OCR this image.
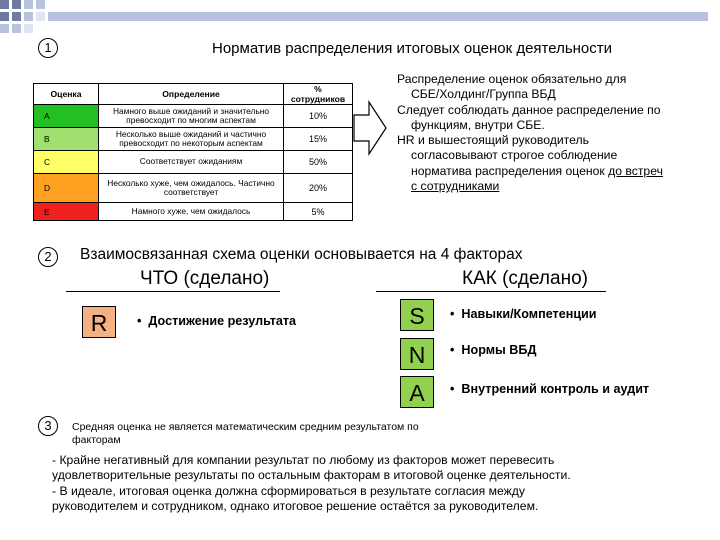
1	Норматив распределения итоговых оценок деятельности
Оценка	Определение	% сотрудников
A	Намного выше ожиданий и значительно превосходит по многим аспектам	10%
B	Несколько выше ожиданий и частично превосходит по некоторым аспектам	15%
C	Соответствует ожиданиям	50%
D	Несколько хуже, чем ожидалось. Частично соответствует	20%
E	Намного хуже, чем ожидалось	5%
Распределение оценок обязательно для
СБЕ/Холдинг/Группа ВБД
Следует соблюдать данное распределение по
функциям, внутри СБЕ.
HR и вышестоящий руководитель
согласовывают строгое соблюдение
норматива распределения оценок до встреч
с сотрудниками
2	Взаимосвязанная схема оценки основывается на 4 факторах
ЧТО (сделано)	КАК (сделано)
R	•  Достижение результата	S	•  Навыки/Компетенции
N	•  Нормы ВБД
A	•  Внутренний контроль и аудит
3	Средняя оценка не является математическим средним результатом по
факторам
- Крайне негативный для компании результат по любому из факторов может перевесить
удовлетворительные результаты по остальным факторам в итоговой оценке деятельности.
- В идеале, итоговая оценка должна сформироваться в результате согласия между
руководителем и сотрудником, однако итоговое решение остаётся за руководителем.
